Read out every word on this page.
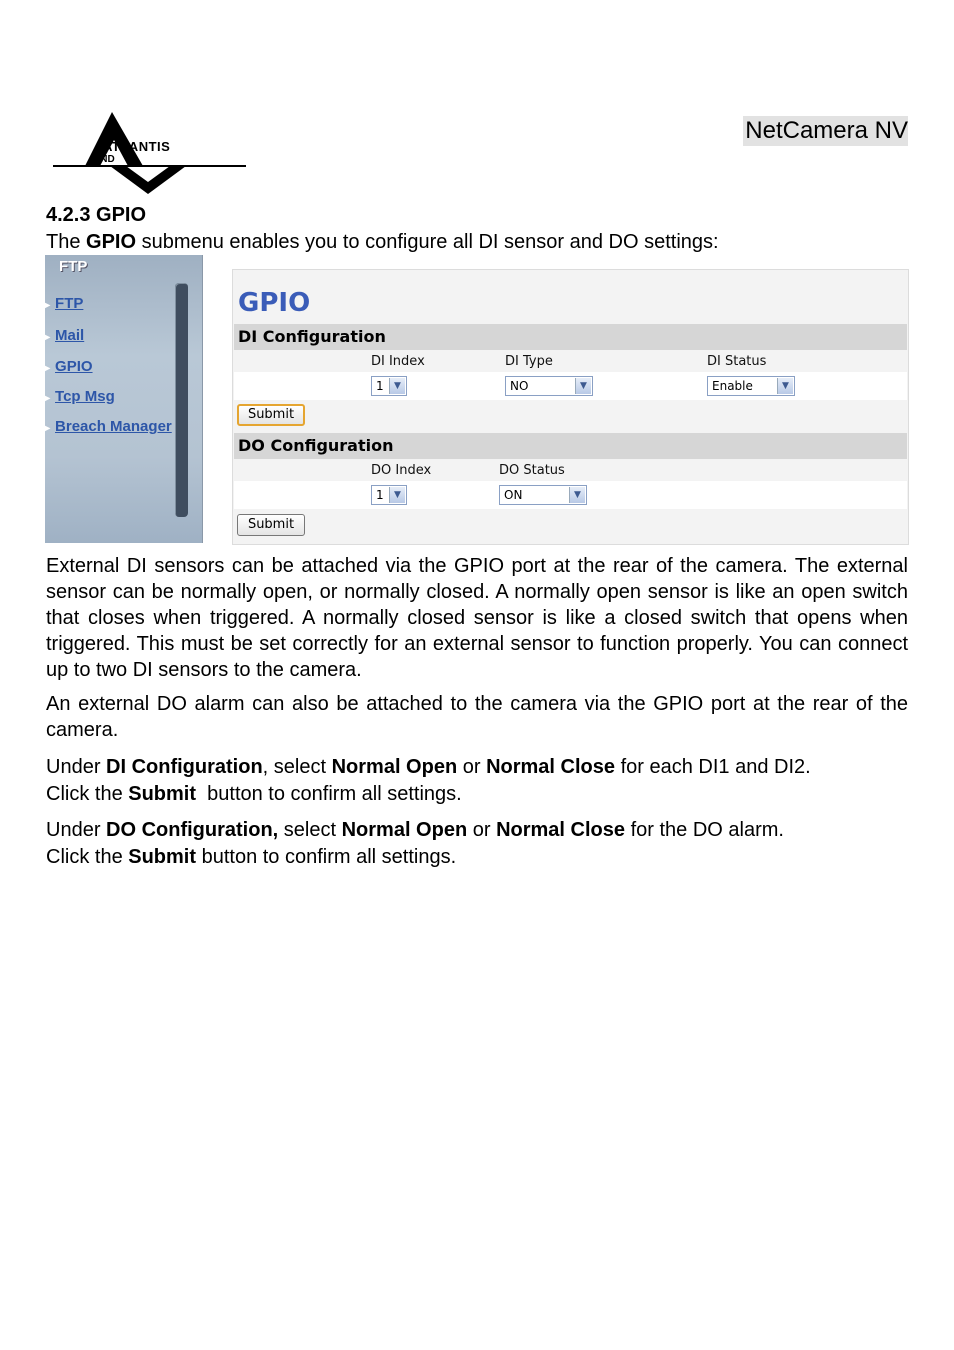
ATLANTIS
AND
NetCamera NV
4.2.3 GPIO
The GPIO submenu enables you to configure all DI sensor and DO settings:
FTP
▸ FTP
▸ Mail
▸ GPIO
▸ Tcp Msg
▸ Breach Manager
GPIO
DI Configuration
DI Index	DI Type	DI Status
1	▼	NO	▼	Enable	▼
Submit
DO Configuration
DO Index	DO Status
1	▼	ON	▼
Submit

External DI sensors can be attached via the GPIO port at the rear of the camera. The external sensor can be normally open, or normally closed. A normally open sensor is like an open switch that closes when triggered. A normally closed sensor is like a closed switch that opens when triggered. This must be set correctly for an external sensor to function properly. You can connect up to two DI sensors to the camera.

An external DO alarm can also be attached to the camera via the GPIO port at the rear of the camera.

Under DI Configuration, select Normal Open or Normal Close for each DI1 and DI2.
Click the Submit  button to confirm all settings.
Under DO Configuration, select Normal Open or Normal Close for the DO alarm.
Click the Submit button to confirm all settings.
